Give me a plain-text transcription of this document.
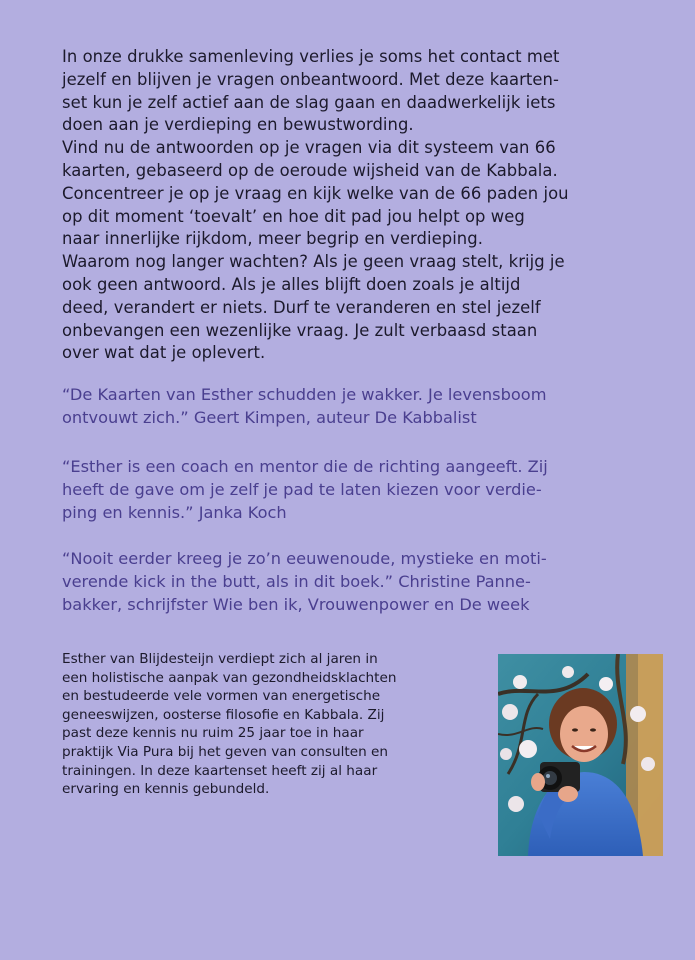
In onze drukke samenleving verlies je soms het contact met
jezelf en blijven je vragen onbeantwoord. Met deze kaarten-
set kun je zelf actief aan de slag gaan en daadwerkelijk iets
doen aan je verdieping en bewustwording.
Vind nu de antwoorden op je vragen via dit systeem van 66
kaarten, gebaseerd op de oeroude wijsheid van de Kabbala.
Concentreer je op je vraag en kijk welke van de 66 paden jou
op dit moment ‘toevalt’ en hoe dit pad jou helpt op weg
naar innerlijke rijkdom, meer begrip en verdieping.
Waarom nog langer wachten? Als je geen vraag stelt, krijg je
ook geen antwoord. Als je alles blijft doen zoals je altijd
deed, verandert er niets. Durf te veranderen en stel jezelf
onbevangen een wezenlijke vraag. Je zult verbaasd staan
over wat dat je oplevert.
“De Kaarten van Esther schudden je wakker. Je levensboom
ontvouwt zich.” Geert Kimpen, auteur De Kabbalist
“Esther is een coach en mentor die de richting aangeeft. Zij
heeft de gave om je zelf je pad te laten kiezen voor verdie-
ping en kennis.” Janka Koch
“Nooit eerder kreeg je zo’n eeuwenoude, mystieke en moti-
verende kick in the butt, als in dit boek.” Christine Panne-
bakker, schrijfster Wie ben ik, Vrouwenpower en De week
Esther van Blijdesteijn verdiept zich al jaren in
een holistische aanpak van gezondheidsklachten
en bestudeerde vele vormen van energetische
geneeswijzen, oosterse filosofie en Kabbala. Zij
past deze kennis nu ruim 25 jaar toe in haar
praktijk Via Pura bij het geven van consulten en
trainingen. In deze kaartenset heeft zij al haar
ervaring en kennis gebundeld.
